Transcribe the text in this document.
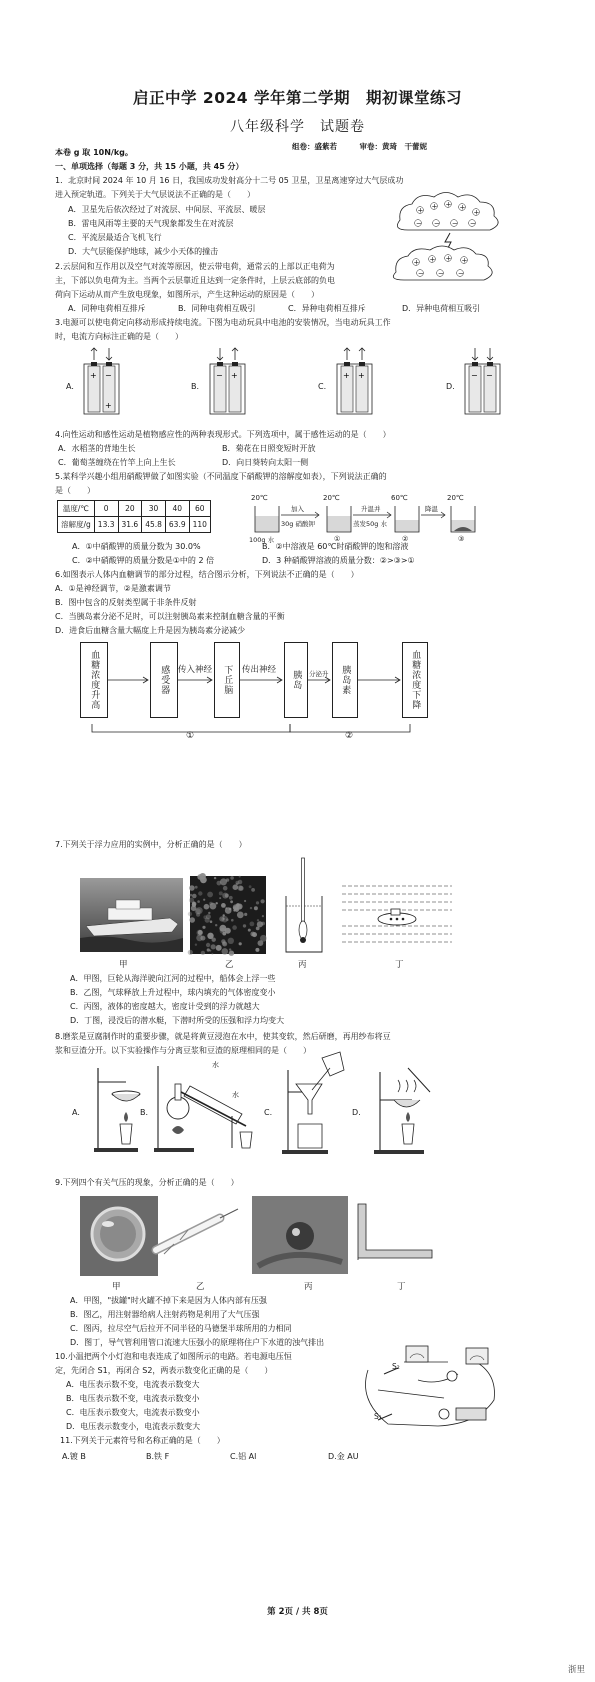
启正中学 2024 学年第二学期　期初课堂练习
八年级科学　试题卷
组卷：盛紫若　　　审卷：黄琦　干蕾妮
本卷 g 取 10N/kg。
一、单项选择（每题 3 分，共 15 小题，共 45 分）
1．北京时间 2024 年 10 月 16 日，我国成功发射高分十二号 05 卫星，卫星离速穿过大气层成功
进入预定轨道。下列关于大气层说法不正确的是（　　）
A．卫星先后依次经过了对流层、中间层、平流层、暖层
B．雷电风雨等主要的天气现象都发生在对流层
C．平流层最适合飞机飞行
D．大气层能保护地球，减少小天体的撞击
+ + + +
+
− − − −
+ + + +
− − −
2.云层间和互作用以及空气对流等原因，使云带电荷，通常云的上部以正电荷为
主，下部以负电荷为主。当两个云层靠近且达到一定条件时，上层云底部的负电
荷向下运动从而产生放电现象，如图所示，产生这种运动的原因是（　　）
A．同种电荷相互排斥	B．同种电荷相互吸引	C．异种电荷相互排斥	D．异种电荷相互吸引
3.电源可以使电荷定向移动形成持续电流。下图为电动玩具中电池的安装情况，当电动玩具工作
时，电流方向标注正确的是（　　）
A.	B.	C.	D.
+ −
+
− +	+ +	− −
4.向性运动和感性运动是植物感应性的两种表现形式。下列选项中，属于感性运动的是（　　）
A．水稻茎的背地生长	B．菊花在日照变短时开放
C．葡萄茎缠绕在竹竿上向上生长	D．向日葵转向太阳一侧
5.某科学兴趣小组用硝酸钾做了如图实验（不同温度下硝酸钾的溶解度如表），下列说法正确的
是（　　）
温度/℃	0	20	30	40	60
溶解度/g	13.3	31.6	45.8	63.9	110
20℃	20℃	60℃	20℃
加入
30g 硝酸钾
升温并
蒸发50g 水
降温
100g 水	①	②	③
A．①中硝酸钾的质量分数为 30.0%	B．②中溶液是 60℃时硝酸钾的饱和溶液
C．②中硝酸钾的质量分数是①中的 2 倍	D．3 种硝酸钾溶液的质量分数：②>③>①
6.如图表示人体内血糖调节的部分过程，结合图示分析，下列说法不正确的是（　　）
A．①是神经调节，②是激素调节
B．图中包含的反射类型属于非条件反射
C．当胰岛素分泌不足时，可以注射胰岛素来控制血糖含量的平衡
D．进食后血糖含量大幅度上升是因为胰岛素分泌减少
血糖浓度升高	感受器 传入神经 下丘脑 传出神经 胰岛 分泌升 胰岛素	血糖浓度下降
①	②
7.下列关于浮力应用的实例中，分析正确的是（　　）
甲	乙	丙	丁
A．甲图，巨轮从海洋驶向江河的过程中，船体会上浮一些
B．乙图，气球释放上升过程中，球内填充的气体密度变小
C．丙图，液体的密度越大，密度计受到的浮力就越大
D．丁图，浸没后的潜水艇，下潜时所受的压强和浮力均变大
8.磨浆是豆腐制作时的重要步骤，就是将黄豆浸泡在水中，使其变软，然后研磨，再用纱布将豆
浆和豆渣分开。以下实验操作与分离豆浆和豆渣的原理相同的是（　　）
A.	B.	C.	D.
水
水
9.下列四个有关气压的现象，分析正确的是（　　）
甲	乙	丙	丁
A．甲图，"拔罐"时火罐不掉下来是因为人体内部有压强
B．图乙，用注射器给病人注射药物是利用了大气压强
C．图丙，拉尽空气后拉开不同半径的马德堡半球所用的力相同
D．图丁，导气管利用管口流速大压强小的原理将住户下水道的浊气排出
10.小温把两个小灯泡和电表连成了如图所示的电路。若电源电压恒
定，先闭合 S1，再闭合 S2，两表示数变化正确的是（　　）
A．电压表示数不变，电流表示数变大
B．电压表示数不变，电流表示数变小
C．电压表示数变大，电流表示数变小
D．电压表示数变小，电流表示数变大
S₂
S₁
11.下列关于元素符号和名称正确的是（　　）
A.镀 B	B.铁 F	C.铝 Al	D.金 AU
第 2页 / 共 8页
浙里
